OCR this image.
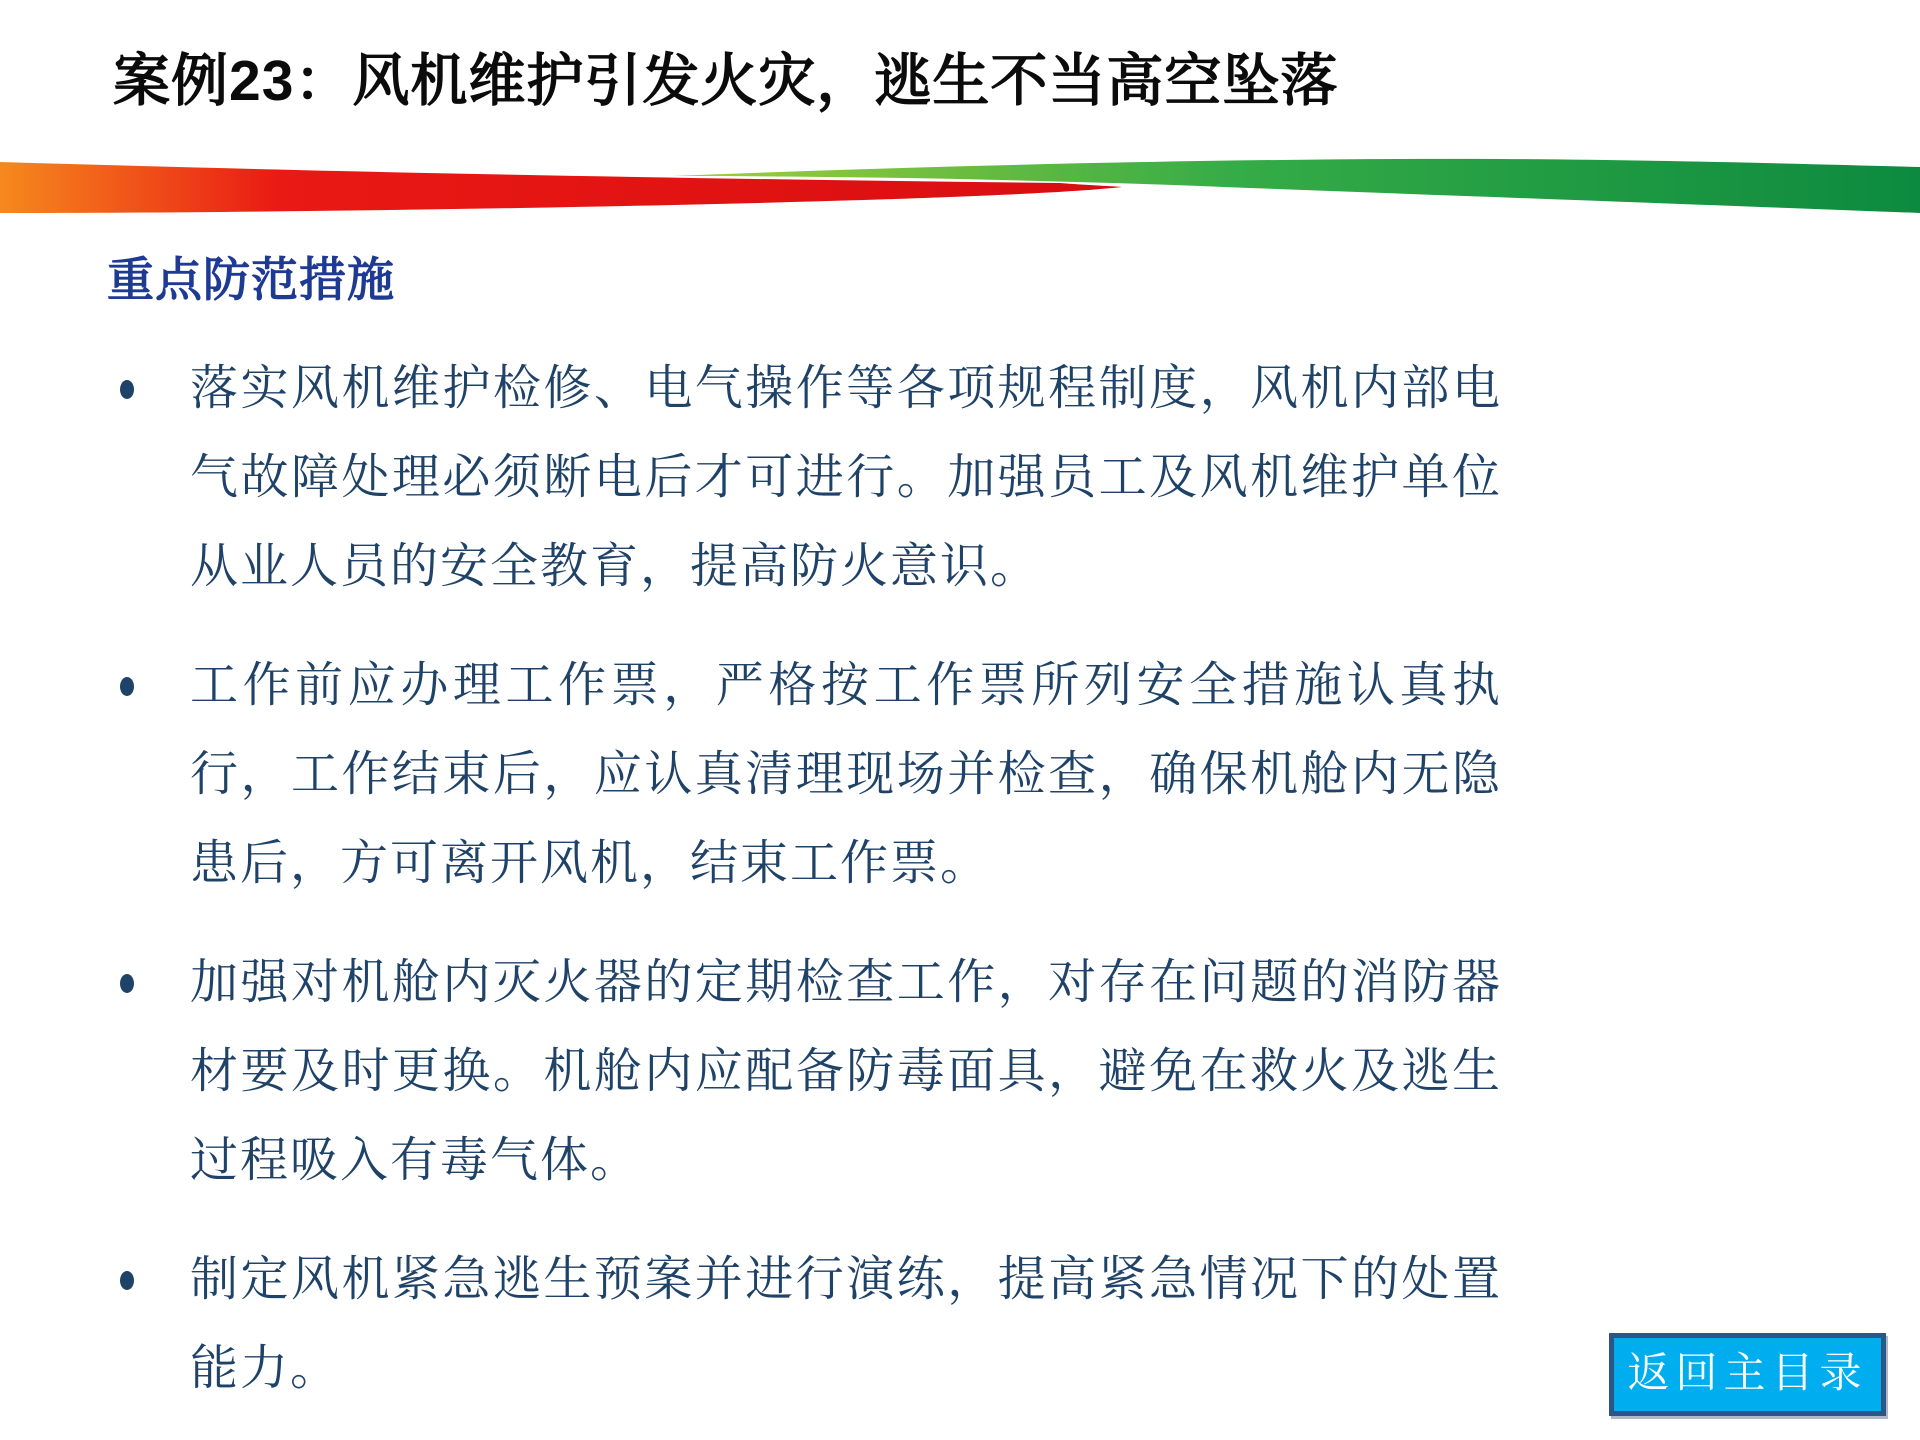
案例23：风机维护引发火灾，逃生不当高空坠落
重点防范措施

落实风机维护检修、电气操作等各项规程制度，风机内部电气故障处理必须断电后才可进行。加强员工及风机维护单位从业人员的安全教育，提高防火意识。

工作前应办理工作票，严格按工作票所列安全措施认真执行，工作结束后，应认真清理现场并检查，确保机舱内无隐患后，方可离开风机，结束工作票。

加强对机舱内灭火器的定期检查工作，对存在问题的消防器材要及时更换。机舱内应配备防毒面具，避免在救火及逃生过程吸入有毒气体。

制定风机紧急逃生预案并进行演练，提高紧急情况下的处置能力。	返回主目录
